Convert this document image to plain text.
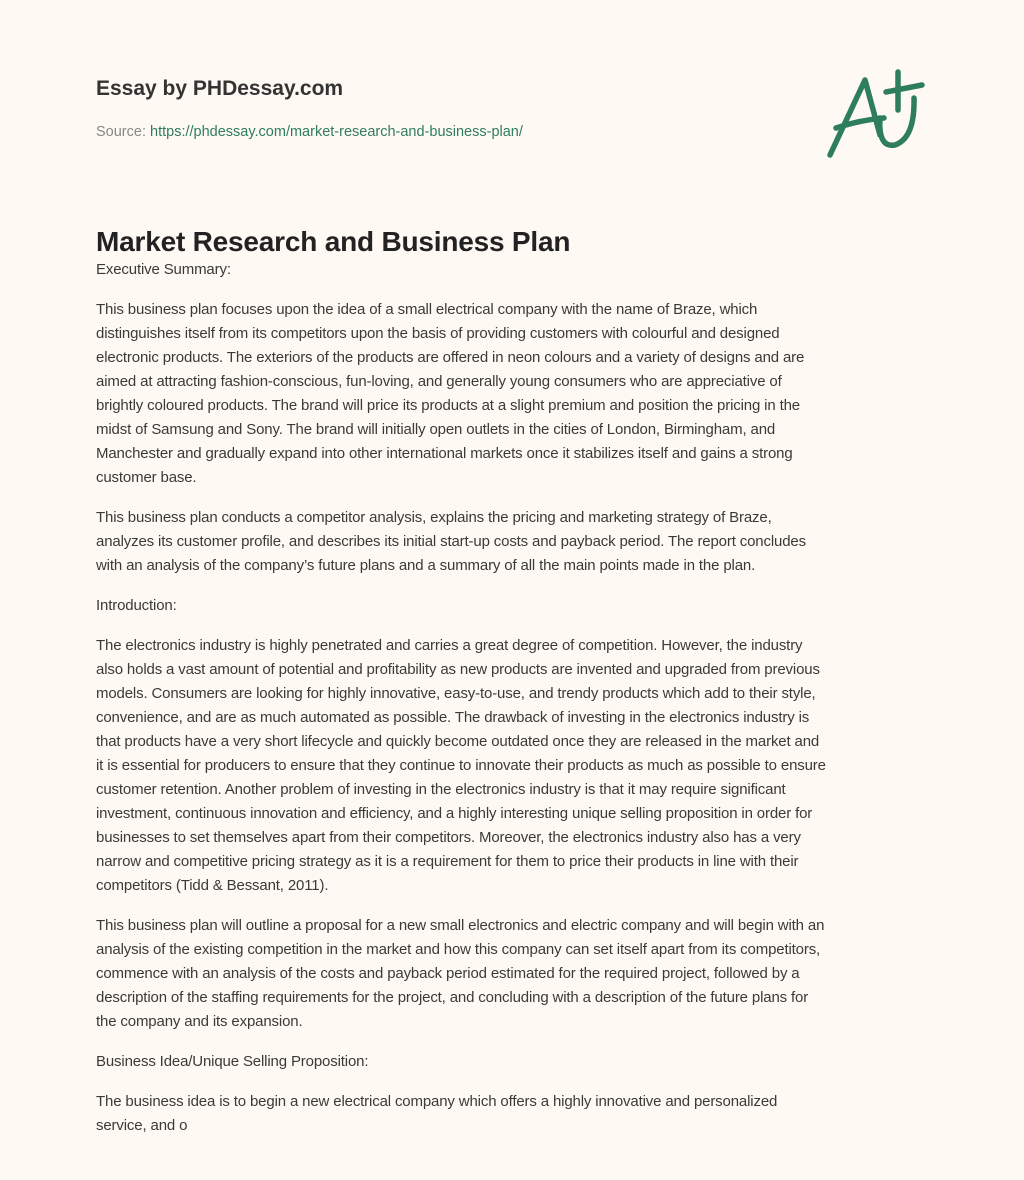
Essay by PHDessay.com
Source: https://phdessay.com/market-research-and-business-plan/
Market Research and Business Plan

Executive Summary:

This business plan focuses upon the idea of a small electrical company with the name of Braze, which
distinguishes itself from its competitors upon the basis of providing customers with colourful and designed
electronic products. The exteriors of the products are offered in neon colours and a variety of designs and are
aimed at attracting fashion-conscious, fun-loving, and generally young consumers who are appreciative of
brightly coloured products. The brand will price its products at a slight premium and position the pricing in the
midst of Samsung and Sony. The brand will initially open outlets in the cities of London, Birmingham, and
Manchester and gradually expand into other international markets once it stabilizes itself and gains a strong
customer base.

This business plan conducts a competitor analysis, explains the pricing and marketing strategy of Braze,
analyzes its customer profile, and describes its initial start-up costs and payback period. The report concludes
with an analysis of the company’s future plans and a summary of all the main points made in the plan.

Introduction:

The electronics industry is highly penetrated and carries a great degree of competition. However, the industry
also holds a vast amount of potential and profitability as new products are invented and upgraded from previous
models. Consumers are looking for highly innovative, easy-to-use, and trendy products which add to their style,
convenience, and are as much automated as possible. The drawback of investing in the electronics industry is
that products have a very short lifecycle and quickly become outdated once they are released in the market and
it is essential for producers to ensure that they continue to innovate their products as much as possible to ensure
customer retention. Another problem of investing in the electronics industry is that it may require significant
investment, continuous innovation and efficiency, and a highly interesting unique selling proposition in order for
businesses to set themselves apart from their competitors. Moreover, the electronics industry also has a very
narrow and competitive pricing strategy as it is a requirement for them to price their products in line with their
competitors (Tidd & Bessant, 2011).

This business plan will outline a proposal for a new small electronics and electric company and will begin with an
analysis of the existing competition in the market and how this company can set itself apart from its competitors,
commence with an analysis of the costs and payback period estimated for the required project, followed by a
description of the staffing requirements for the project, and concluding with a description of the future plans for
the company and its expansion.

Business Idea/Unique Selling Proposition:

The business idea is to begin a new electrical company which offers a highly innovative and personalized
service, and o
